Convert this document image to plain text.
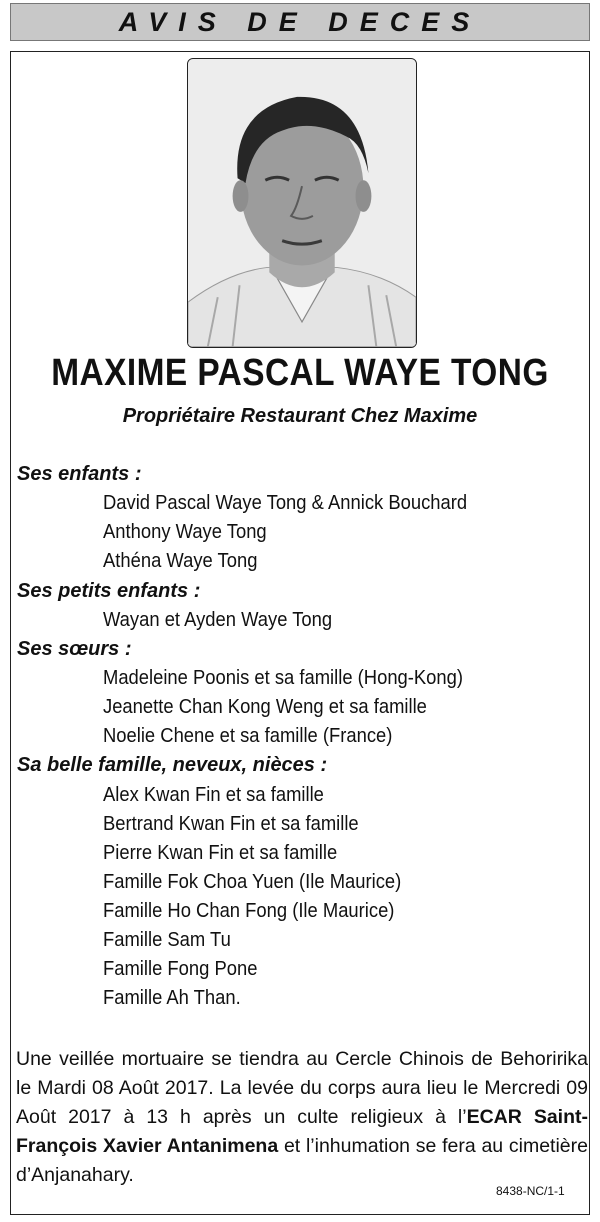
AVIS DE DECES
MAXIME PASCAL WAYE TONG
Propriétaire Restaurant Chez Maxime
Ses enfants :
David Pascal Waye Tong & Annick Bouchard
Anthony Waye Tong
Athéna Waye Tong
Ses petits enfants :
Wayan et Ayden Waye Tong
Ses sœurs :
Madeleine Poonis et sa famille (Hong-Kong)
Jeanette Chan Kong Weng et sa famille
Noelie Chene et sa famille (France)
Sa belle famille, neveux, nièces :
Alex Kwan Fin et sa famille
Bertrand Kwan Fin et sa famille
Pierre Kwan Fin et sa famille
Famille Fok Choa Yuen (Ile Maurice)
Famille Ho Chan Fong (Ile Maurice)
Famille Sam Tu
Famille Fong Pone
Famille Ah Than.
Une veillée mortuaire se tiendra au Cercle Chinois de Behoririka le Mardi 08 Août 2017. La levée du corps aura lieu le Mercredi 09 Août 2017 à 13 h après un culte religieux à l’ECAR Saint-François Xavier Antanimena et l’inhumation se fera au cimetière d’Anjanahary.
8438-NC/1-1
